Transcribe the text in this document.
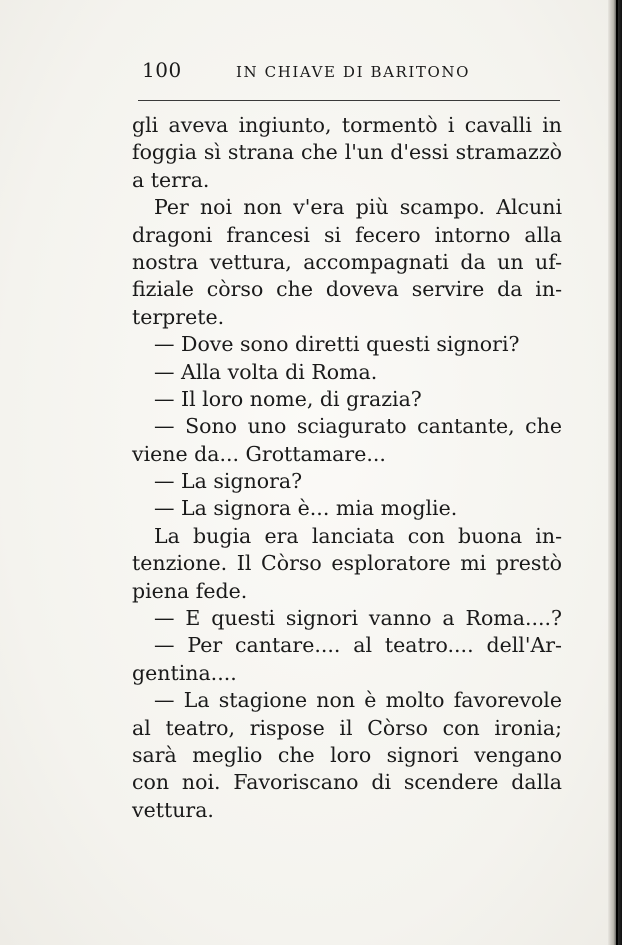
100	IN CHIAVE DI BARITONO
gli aveva ingiunto, tormentò i cavalli in
foggia sì strana che l'un d'essi stramazzò
a terra.
Per noi non v'era più scampo. Alcuni
dragoni francesi si fecero intorno alla
nostra vettura, accompagnati da un uf-
fiziale còrso che doveva servire da in-
terprete.
— Dove sono diretti questi signori?
— Alla volta di Roma.
— Il loro nome, di grazia?
— Sono uno sciagurato cantante, che
viene da... Grottamare...
— La signora?
— La signora è... mia moglie.
La bugia era lanciata con buona in-
tenzione. Il Còrso esploratore mi prestò
piena fede.
— E questi signori vanno a Roma....?
— Per cantare.... al teatro.... dell'Ar-
gentina....
— La stagione non è molto favorevole
al teatro, rispose il Còrso con ironia;
sarà meglio che loro signori vengano
con noi. Favoriscano di scendere dalla
vettura.
